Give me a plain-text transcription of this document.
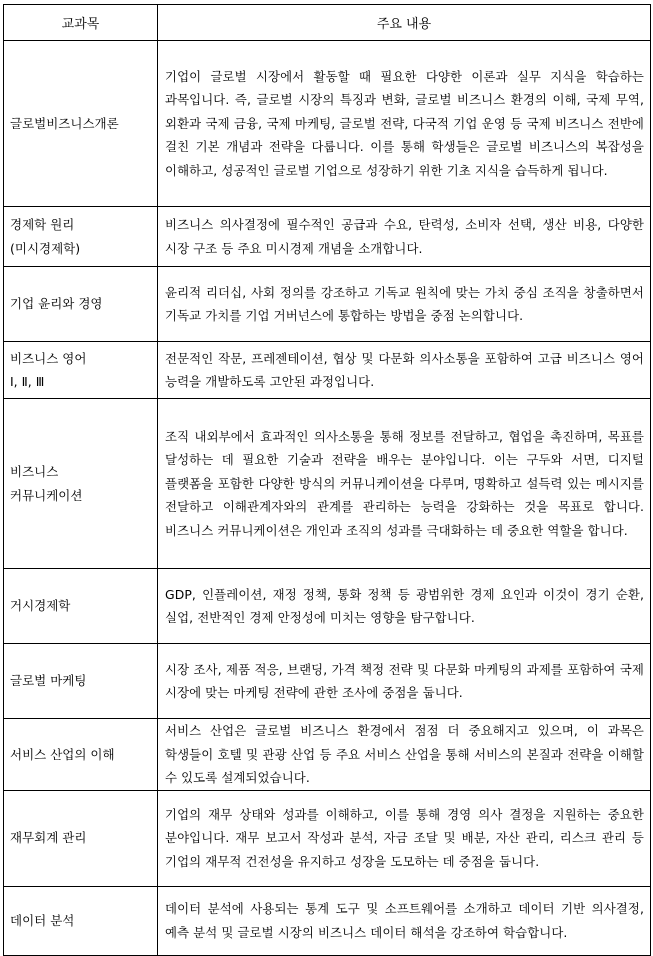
교과목	주요 내용

글로벌비즈니스개론	기업이 글로벌 시장에서 활동할 때 필요한 다양한 이론과 실무 지식을 학습하는 과목입니다. 즉, 글로벌 시장의 특징과 변화, 글로벌 비즈니스 환경의 이해, 국제 무역, 외환과 국제 금융, 국제 마케팅, 글로벌 전략, 다국적 기업 운영 등 국제 비즈니스 전반에 걸친 기본 개념과 전략을 다룹니다. 이를 통해 학생들은 글로벌 비즈니스의 복잡성을 이해하고, 성공적인 글로벌 기업으로 성장하기 위한 기초 지식을 습득하게 됩니다.

경제학 원리
(미시경제학)	비즈니스 의사결정에 필수적인 공급과 수요, 탄력성, 소비자 선택, 생산 비용, 다양한 시장 구조 등 주요 미시경제 개념을 소개합니다.

기업 윤리와 경영	윤리적 리더십, 사회 정의를 강조하고 기독교 원칙에 맞는 가치 중심 조직을 창출하면서 기독교 가치를 기업 거버넌스에 통합하는 방법을 중점 논의합니다.

비즈니스 영어
Ⅰ, Ⅱ, Ⅲ	전문적인 작문, 프레젠테이션, 협상 및 다문화 의사소통을 포함하여 고급 비즈니스 영어 능력을 개발하도록 고안된 과정입니다.

비즈니스
커뮤니케이션	조직 내외부에서 효과적인 의사소통을 통해 정보를 전달하고, 협업을 촉진하며, 목표를 달성하는 데 필요한 기술과 전략을 배우는 분야입니다. 이는 구두와 서면, 디지털 플랫폼을 포함한 다양한 방식의 커뮤니케이션을 다루며, 명확하고 설득력 있는 메시지를 전달하고 이해관계자와의 관계를 관리하는 능력을 강화하는 것을 목표로 합니다. 비즈니스 커뮤니케이션은 개인과 조직의 성과를 극대화하는 데 중요한 역할을 합니다.

거시경제학	GDP, 인플레이션, 재정 정책, 통화 정책 등 광범위한 경제 요인과 이것이 경기 순환, 실업, 전반적인 경제 안정성에 미치는 영향을 탐구합니다.

글로벌 마케팅	시장 조사, 제품 적응, 브랜딩, 가격 책정 전략 및 다문화 마케팅의 과제를 포함하여 국제 시장에 맞는 마케팅 전략에 관한 조사에 중점을 둡니다.

서비스 산업의 이해	서비스 산업은 글로벌 비즈니스 환경에서 점점 더 중요해지고 있으며, 이 과목은 학생들이 호텔 및 관광 산업 등 주요 서비스 산업을 통해 서비스의 본질과 전략을 이해할 수 있도록 설계되었습니다.

재무회계 관리	기업의 재무 상태와 성과를 이해하고, 이를 통해 경영 의사 결정을 지원하는 중요한 분야입니다. 재무 보고서 작성과 분석, 자금 조달 및 배분, 자산 관리, 리스크 관리 등 기업의 재무적 건전성을 유지하고 성장을 도모하는 데 중점을 둡니다.

데이터 분석	데이터 분석에 사용되는 통계 도구 및 소프트웨어를 소개하고 데이터 기반 의사결정, 예측 분석 및 글로벌 시장의 비즈니스 데이터 해석을 강조하여 학습합니다.
